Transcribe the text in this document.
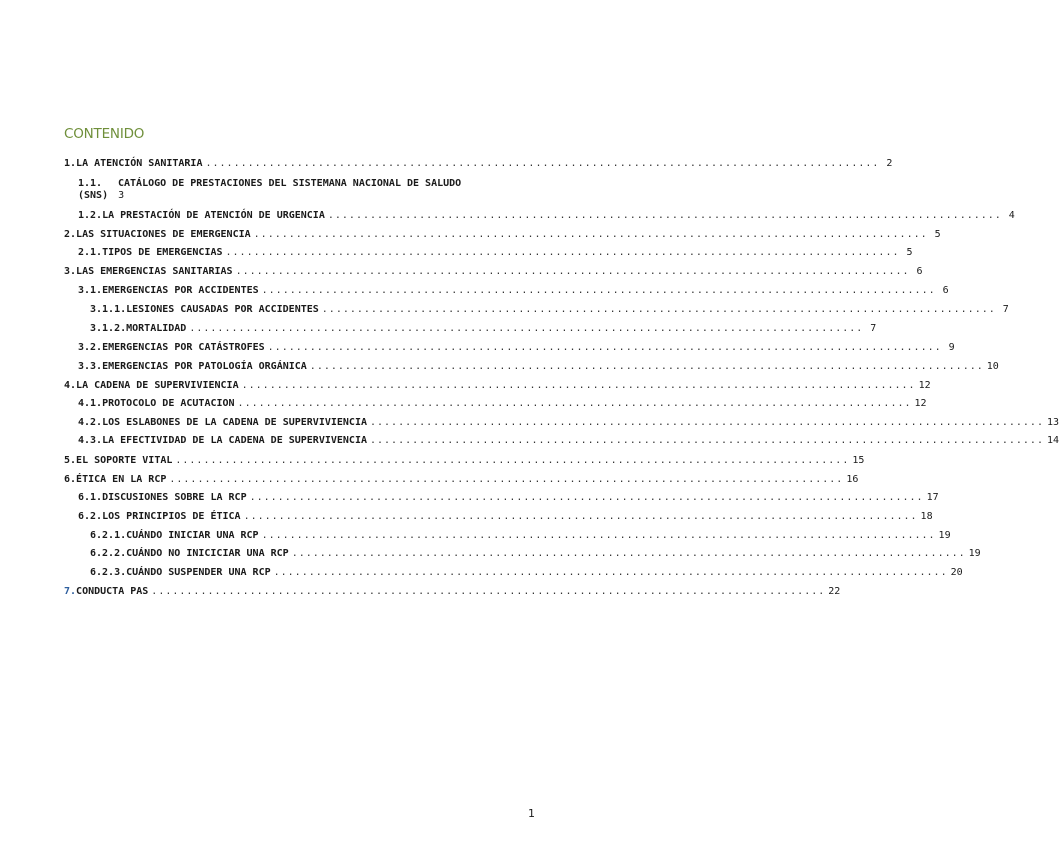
CONTENIDO
1. LA ATENCIÓN SANITARIA ................................................................................................ 2
1.1.	CATÁLOGO DE PRESTACIONES DEL SISTEMANA NACIONAL DE SALUDO
(SNS) 3
1.2. LA PRESTACIÓN DE ATENCIÓN DE URGENCIA ................................................................................................ 4
2. LAS SITUACIONES DE EMERGENCIA ................................................................................................ 5
2.1. TIPOS DE EMERGENCIAS ................................................................................................ 5
3. LAS EMERGENCIAS SANITARIAS ................................................................................................ 6
3.1. EMERGENCIAS POR ACCIDENTES ................................................................................................ 6
3.1.1. LESIONES CAUSADAS POR ACCIDENTES ................................................................................................ 7
3.1.2. MORTALIDAD ................................................................................................ 7
3.2. EMERGENCIAS POR CATÁSTROFES ................................................................................................ 9
3.3. EMERGENCIAS POR PATOLOGÍA ORGÁNICA ................................................................................................ 10
4. LA CADENA DE SUPERVIVIENCIA ................................................................................................ 12
4.1. PROTOCOLO DE ACUTACION ................................................................................................ 12
4.2. LOS ESLABONES DE LA CADENA DE SUPERVIVIENCIA ................................................................................................ 13
4.3. LA EFECTIVIDAD DE LA CADENA DE SUPERVIVENCIA ................................................................................................ 14
5. EL SOPORTE VITAL ................................................................................................ 15
6. ÉTICA EN LA RCP ................................................................................................ 16
6.1. DISCUSIONES SOBRE LA RCP ................................................................................................ 17
6.2. LOS PRINCIPIOS DE ÉTICA ................................................................................................ 18
6.2.1. CUÁNDO INICIAR UNA RCP ................................................................................................ 19
6.2.2. CUÁNDO NO INICICIAR UNA RCP ................................................................................................ 19
6.2.3. CUÁNDO SUSPENDER UNA RCP ................................................................................................ 20
7. CONDUCTA PAS ................................................................................................ 22
1
